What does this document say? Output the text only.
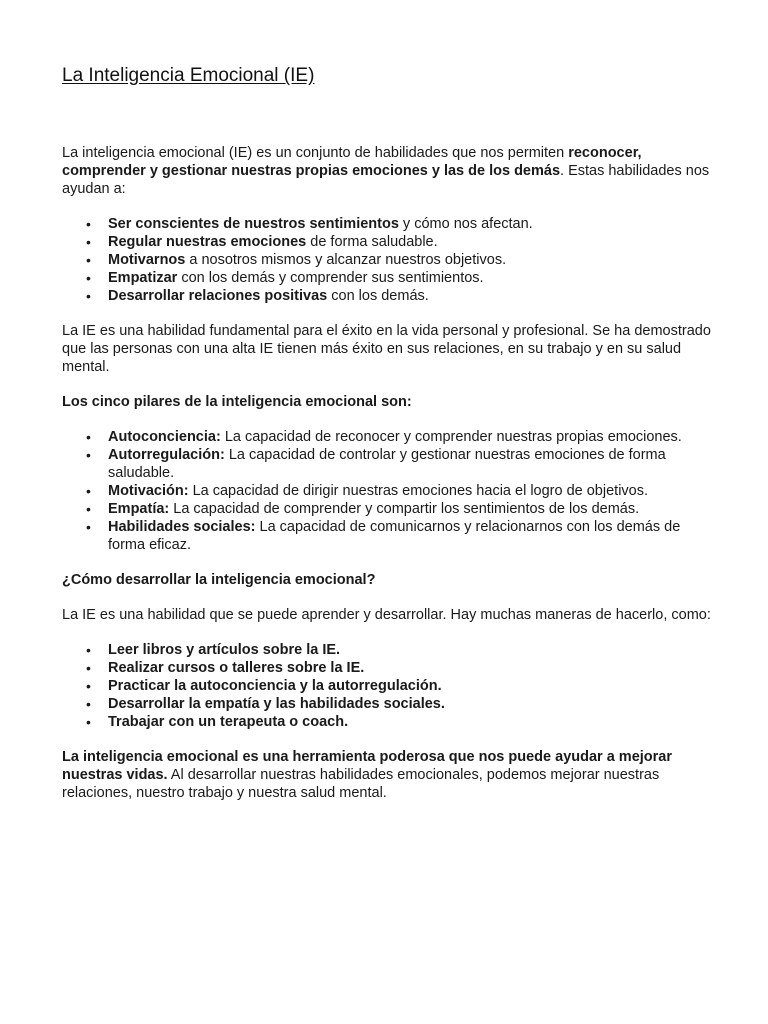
La Inteligencia Emocional (IE)

La inteligencia emocional (IE) es un conjunto de habilidades que nos permiten reconocer, comprender y gestionar nuestras propias emociones y las de los demás. Estas habilidades nos ayudan a:

• Ser conscientes de nuestros sentimientos y cómo nos afectan.
• Regular nuestras emociones de forma saludable.
• Motivarnos a nosotros mismos y alcanzar nuestros objetivos.
• Empatizar con los demás y comprender sus sentimientos.
• Desarrollar relaciones positivas con los demás.

La IE es una habilidad fundamental para el éxito en la vida personal y profesional. Se ha demostrado que las personas con una alta IE tienen más éxito en sus relaciones, en su trabajo y en su salud mental.

Los cinco pilares de la inteligencia emocional son:

• Autoconciencia: La capacidad de reconocer y comprender nuestras propias emociones.
• Autorregulación: La capacidad de controlar y gestionar nuestras emociones de forma saludable.
• Motivación: La capacidad de dirigir nuestras emociones hacia el logro de objetivos.
• Empatía: La capacidad de comprender y compartir los sentimientos de los demás.
• Habilidades sociales: La capacidad de comunicarnos y relacionarnos con los demás de forma eficaz.

¿Cómo desarrollar la inteligencia emocional?

La IE es una habilidad que se puede aprender y desarrollar. Hay muchas maneras de hacerlo, como:

• Leer libros y artículos sobre la IE.
• Realizar cursos o talleres sobre la IE.
• Practicar la autoconciencia y la autorregulación.
• Desarrollar la empatía y las habilidades sociales.
• Trabajar con un terapeuta o coach.

La inteligencia emocional es una herramienta poderosa que nos puede ayudar a mejorar nuestras vidas. Al desarrollar nuestras habilidades emocionales, podemos mejorar nuestras relaciones, nuestro trabajo y nuestra salud mental.
